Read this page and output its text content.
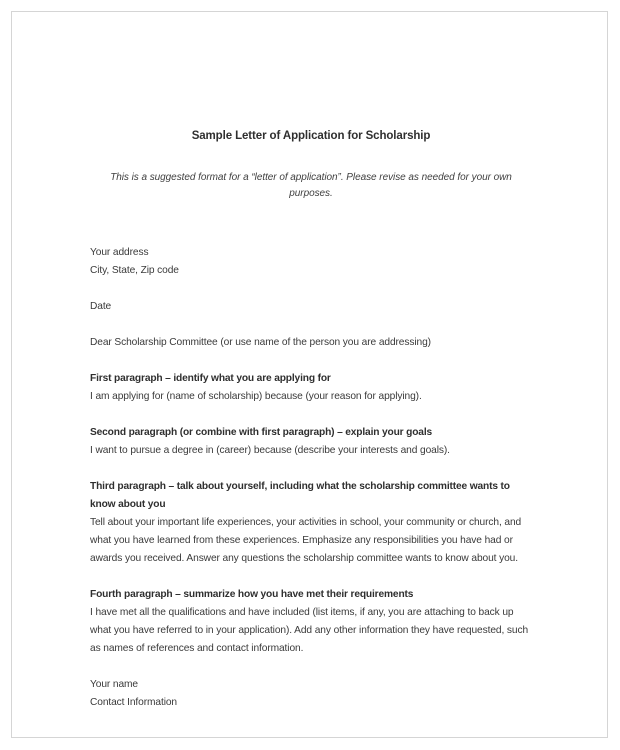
Sample Letter of Application for Scholarship
This is a suggested format for a “letter of application”. Please revise as needed for your own purposes.
Your address
City, State, Zip code
Date
Dear Scholarship Committee (or use name of the person you are addressing)
First paragraph – identify what you are applying for
I am applying for (name of scholarship) because (your reason for applying).
Second paragraph (or combine with first paragraph) – explain your goals
I want to pursue a degree in (career) because (describe your interests and goals).
Third paragraph – talk about yourself, including what the scholarship committee wants to know about you
Tell about your important life experiences, your activities in school, your community or church, and what you have learned from these experiences. Emphasize any responsibilities you have had or awards you received. Answer any questions the scholarship committee wants to know about you.
Fourth paragraph – summarize how you have met their requirements
I have met all the qualifications and have included (list items, if any, you are attaching to back up what you have referred to in your application). Add any other information they have requested, such as names of references and contact information.
Your name
Contact Information
